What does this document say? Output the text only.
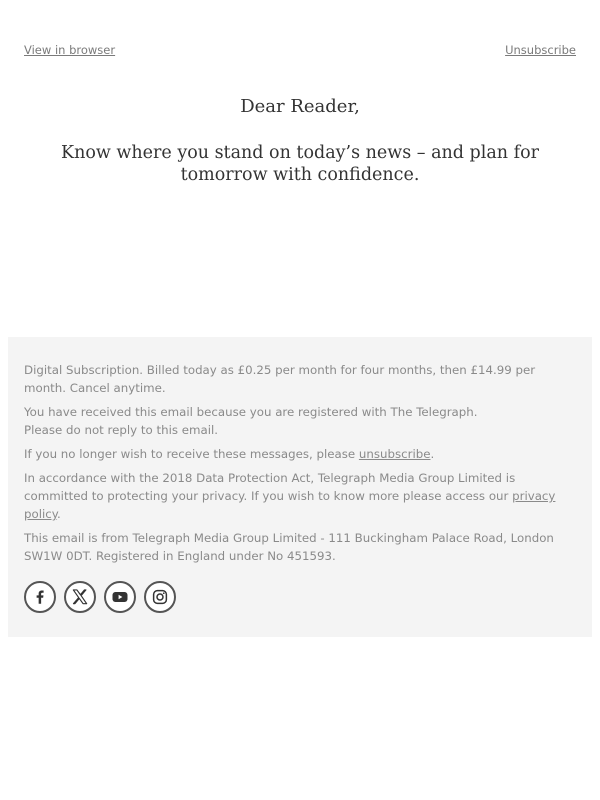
View in browser	Unsubscribe
Dear Reader,
Know where you stand on today’s news – and plan for tomorrow with confidence.

Digital Subscription. Billed today as £0.25 per month for four months, then £14.99 per month. Cancel anytime.

You have received this email because you are registered with The Telegraph.
Please do not reply to this email.

If you no longer wish to receive these messages, please unsubscribe.

In accordance with the 2018 Data Protection Act, Telegraph Media Group Limited is committed to protecting your privacy. If you wish to know more please access our privacy policy.

This email is from Telegraph Media Group Limited - 111 Buckingham Palace Road, London SW1W 0DT. Registered in England under No 451593.
